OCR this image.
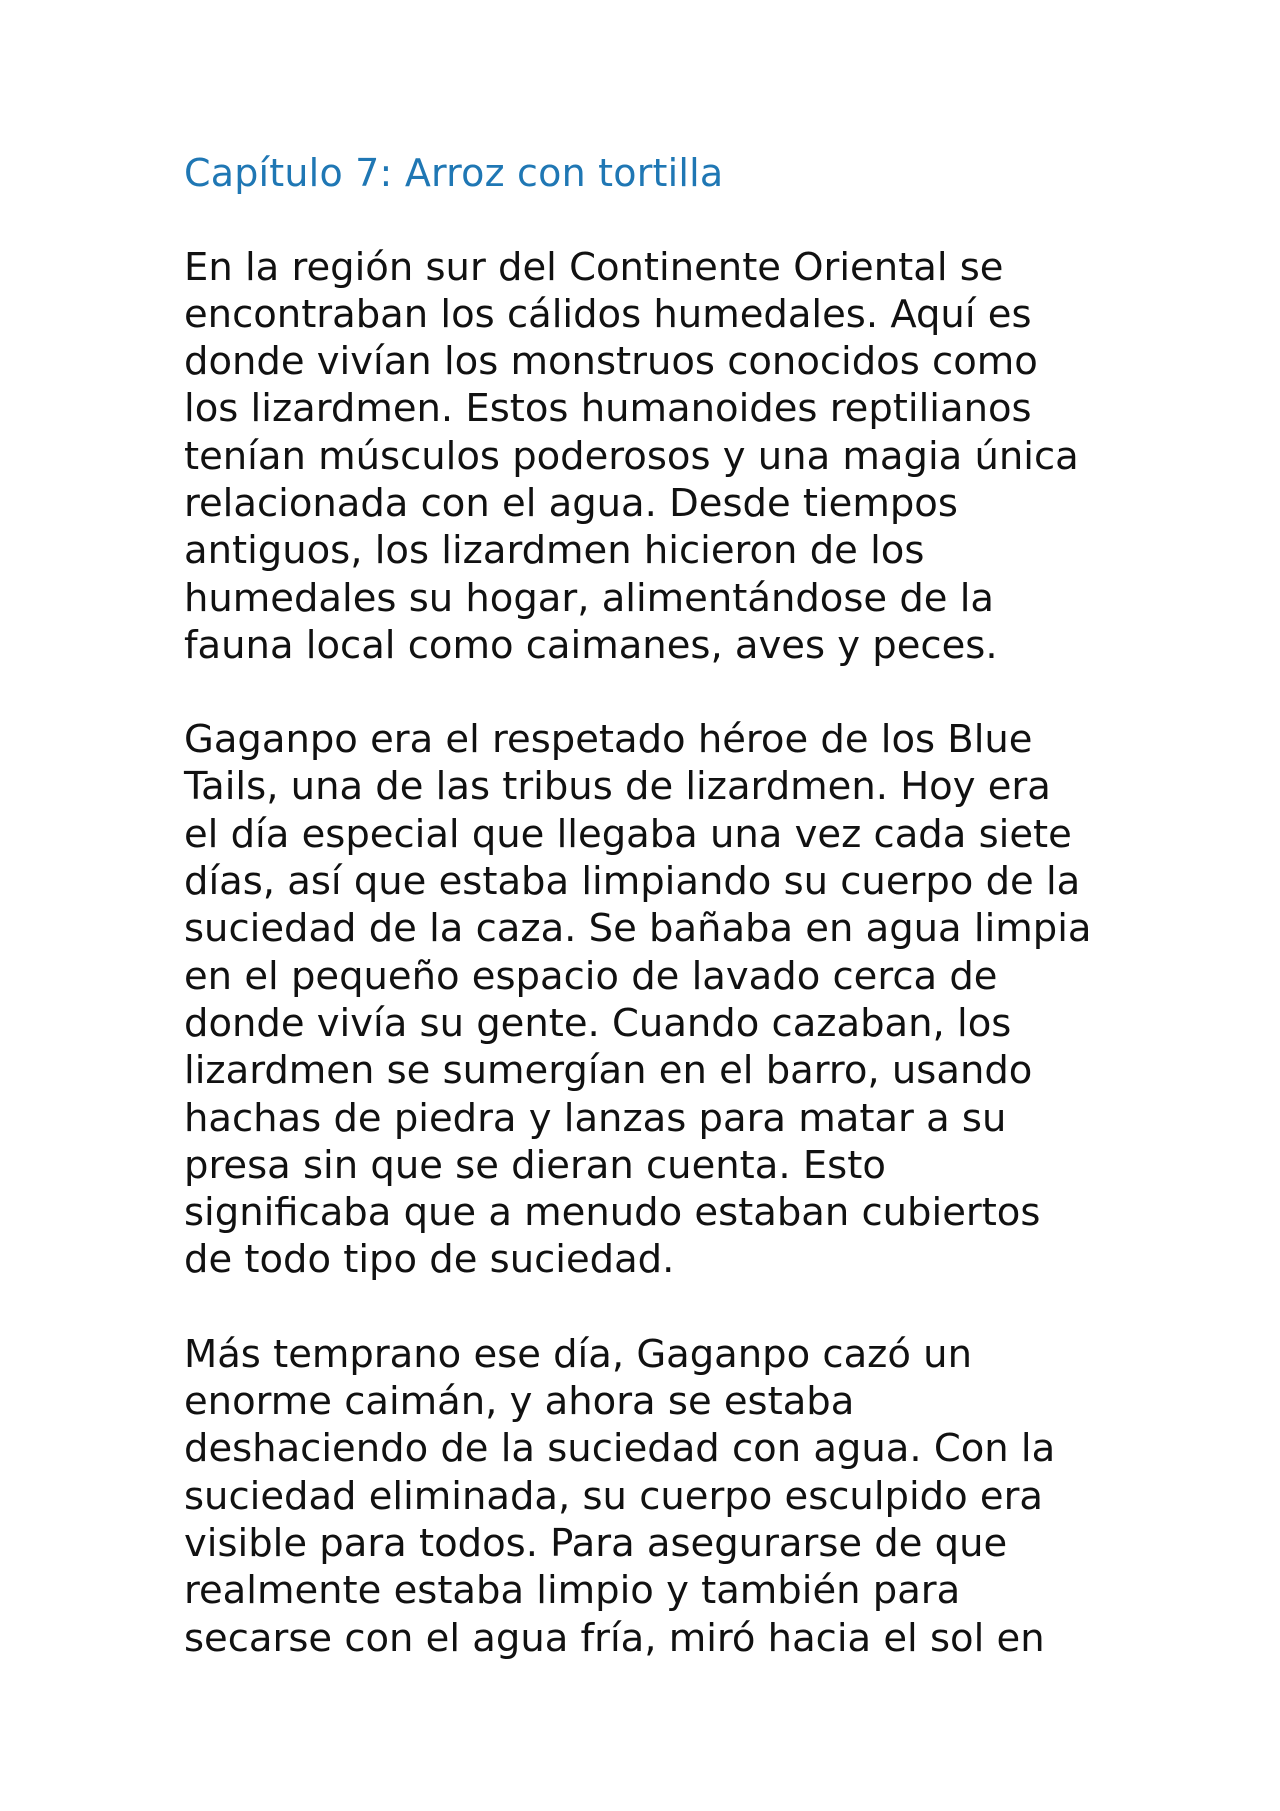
Capítulo 7: Arroz con tortilla

En la región sur del Continente Oriental se
encontraban los cálidos humedales. Aquí es
donde vivían los monstruos conocidos como
los lizardmen. Estos humanoides reptilianos
tenían músculos poderosos y una magia única
relacionada con el agua. Desde tiempos
antiguos, los lizardmen hicieron de los
humedales su hogar, alimentándose de la
fauna local como caimanes, aves y peces.

Gaganpo era el respetado héroe de los Blue
Tails, una de las tribus de lizardmen. Hoy era
el día especial que llegaba una vez cada siete
días, así que estaba limpiando su cuerpo de la
suciedad de la caza. Se bañaba en agua limpia
en el pequeño espacio de lavado cerca de
donde vivía su gente. Cuando cazaban, los
lizardmen se sumergían en el barro, usando
hachas de piedra y lanzas para matar a su
presa sin que se dieran cuenta. Esto
significaba que a menudo estaban cubiertos
de todo tipo de suciedad.

Más temprano ese día, Gaganpo cazó un
enorme caimán, y ahora se estaba
deshaciendo de la suciedad con agua. Con la
suciedad eliminada, su cuerpo esculpido era
visible para todos. Para asegurarse de que
realmente estaba limpio y también para
secarse con el agua fría, miró hacia el sol en
